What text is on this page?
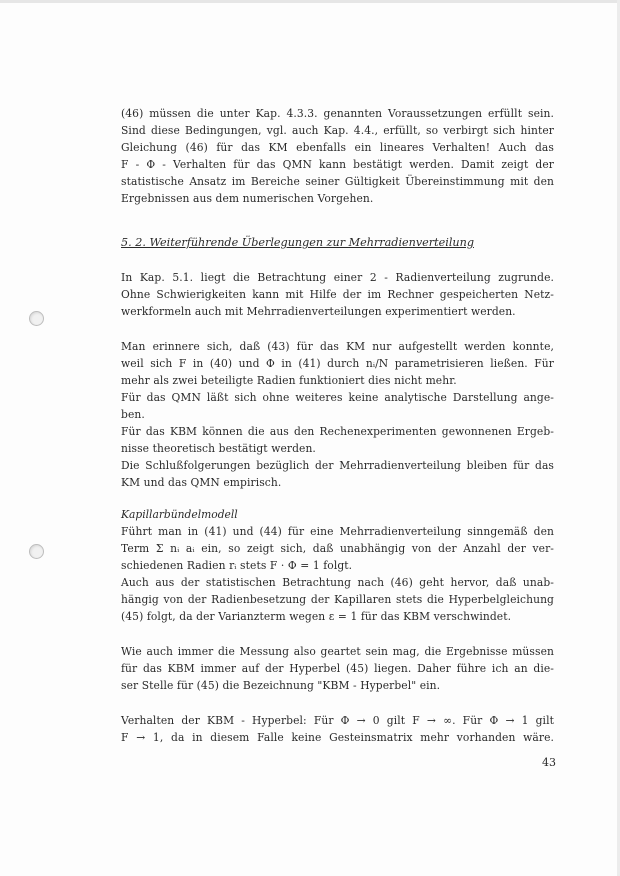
(46) müssen die unter Kap. 4.3.3. genannten Voraussetzungen erfüllt sein.
Sind diese Bedingungen, vgl. auch Kap. 4.4., erfüllt, so verbirgt sich hinter
Gleichung (46) für das KM ebenfalls ein lineares Verhalten! Auch das
F - Φ - Verhalten für das QMN kann bestätigt werden. Damit zeigt der
statistische Ansatz im Bereiche seiner Gültigkeit Übereinstimmung mit den
Ergebnissen aus dem numerischen Vorgehen.
5. 2. Weiterführende Überlegungen zur Mehrradienverteilung
In Kap. 5.1. liegt die Betrachtung einer 2 - Radienverteilung zugrunde.
Ohne Schwierigkeiten kann mit Hilfe der im Rechner gespeicherten Netz-
werkformeln auch mit Mehrradienverteilungen experimentiert werden.
Man erinnere sich, daß (43) für das KM nur aufgestellt werden konnte,
weil sich F in (40) und Φ in (41) durch nᵢ/N parametrisieren ließen. Für
mehr als zwei beteiligte Radien funktioniert dies nicht mehr.
Für das QMN läßt sich ohne weiteres keine analytische Darstellung ange-
ben.
Für das KBM können die aus den Rechenexperimenten gewonnenen Ergeb-
nisse theoretisch bestätigt werden.
Die Schlußfolgerungen bezüglich der Mehrradienverteilung bleiben für das
KM und das QMN empirisch.
Kapillarbündelmodell
Führt man in (41) und (44) für eine Mehrradienverteilung sinngemäß den
Term Σ nᵢ aᵢ ein, so zeigt sich, daß unabhängig von der Anzahl der ver-
schiedenen Radien rᵢ stets F · Φ = 1 folgt.
Auch aus der statistischen Betrachtung nach (46) geht hervor, daß unab-
hängig von der Radienbesetzung der Kapillaren stets die Hyperbelgleichung
(45) folgt, da der Varianzterm wegen ε = 1 für das KBM verschwindet.
Wie auch immer die Messung also geartet sein mag, die Ergebnisse müssen
für das KBM immer auf der Hyperbel (45) liegen. Daher führe ich an die-
ser Stelle für (45) die Bezeichnung "KBM - Hyperbel" ein.
Verhalten der KBM - Hyperbel: Für Φ → 0 gilt F → ∞. Für Φ → 1 gilt
F → 1, da in diesem Falle keine Gesteinsmatrix mehr vorhanden wäre.
43
